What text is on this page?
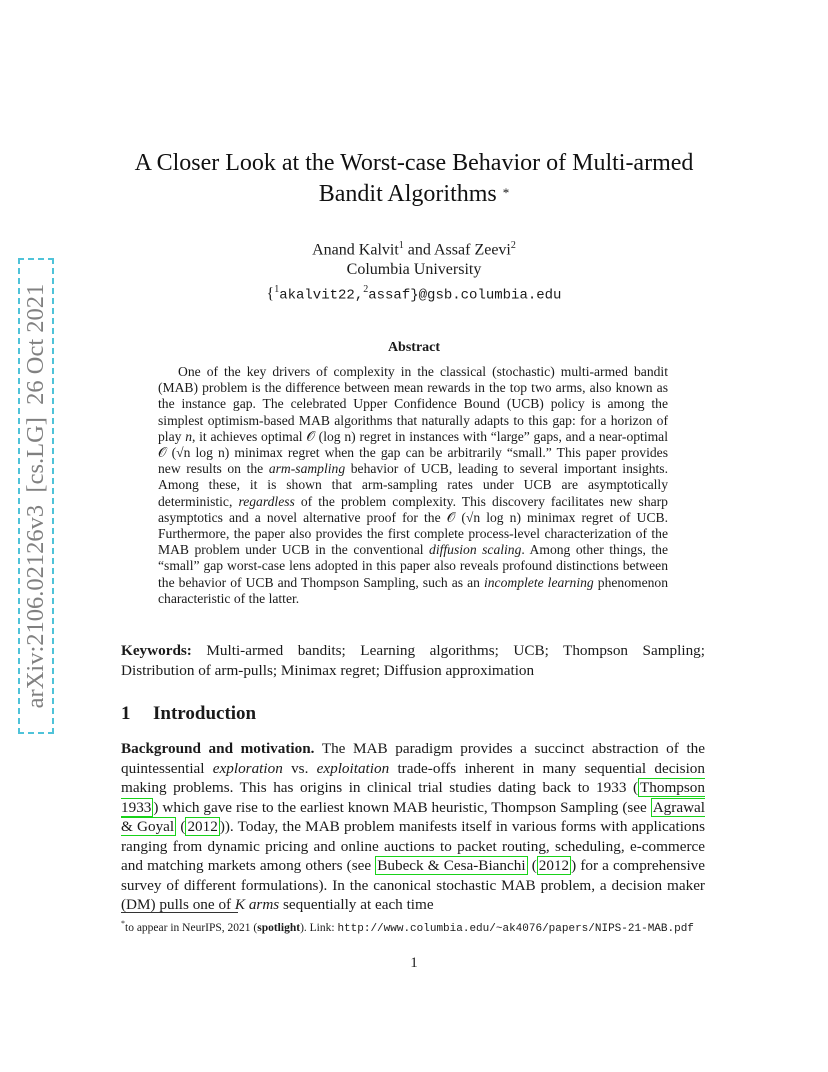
arXiv:2106.02126v3  [cs.LG]  26 Oct 2021
A Closer Look at the Worst-case Behavior of Multi-armed Bandit Algorithms *
Anand Kalvit$^1$ and Assaf Zeevi$^2$
Columbia University
{$^1$akalvit22,$^2$assaf}@gsb.columbia.edu
Abstract

One of the key drivers of complexity in the classical (stochastic) multi-armed bandit (MAB) problem is the difference between mean rewards in the top two arms, also known as the instance gap. The celebrated Upper Confidence Bound (UCB) policy is among the simplest optimism-based MAB algorithms that naturally adapts to this gap: for a horizon of play n, it achieves optimal 𝒪 (log n) regret in instances with “large” gaps, and a near-optimal 𝒪 (√n log n) minimax regret when the gap can be arbitrarily “small.” This paper provides new results on the arm-sampling behavior of UCB, leading to several important insights. Among these, it is shown that arm-sampling rates under UCB are asymptotically deterministic, regardless of the problem complexity. This discovery facilitates new sharp asymptotics and a novel alternative proof for the 𝒪 (√n log n) minimax regret of UCB. Furthermore, the paper also provides the first complete process-level characterization of the MAB problem under UCB in the conventional diffusion scaling. Among other things, the “small” gap worst-case lens adopted in this paper also reveals profound distinctions between the behavior of UCB and Thompson Sampling, such as an incomplete learning phenomenon characteristic of the latter.

Keywords: Multi-armed bandits; Learning algorithms; UCB; Thompson Sampling; Distribution of arm-pulls; Minimax regret; Diffusion approximation
1 Introduction
Background and motivation. The MAB paradigm provides a succinct abstraction of the quintessential exploration vs. exploitation trade-offs inherent in many sequential decision making problems. This has origins in clinical trial studies dating back to 1933 ( Thompson 1933 ) which gave rise to the earliest known MAB heuristic, Thompson Sampling (see Agrawal & Goyal ( 2012 )). Today, the MAB problem manifests itself in various forms with applications ranging from dynamic pricing and online auctions to packet routing, scheduling, e-commerce and matching markets among others (see Bubeck & Cesa-Bianchi ( 2012 ) for a comprehensive survey of different formulations). In the canonical stochastic MAB problem, a decision maker (DM) pulls one of K arms sequentially at each time
*to appear in NeurIPS, 2021 (spotlight). Link: http://www.columbia.edu/~ak4076/papers/NIPS-21-MAB.pdf
1
